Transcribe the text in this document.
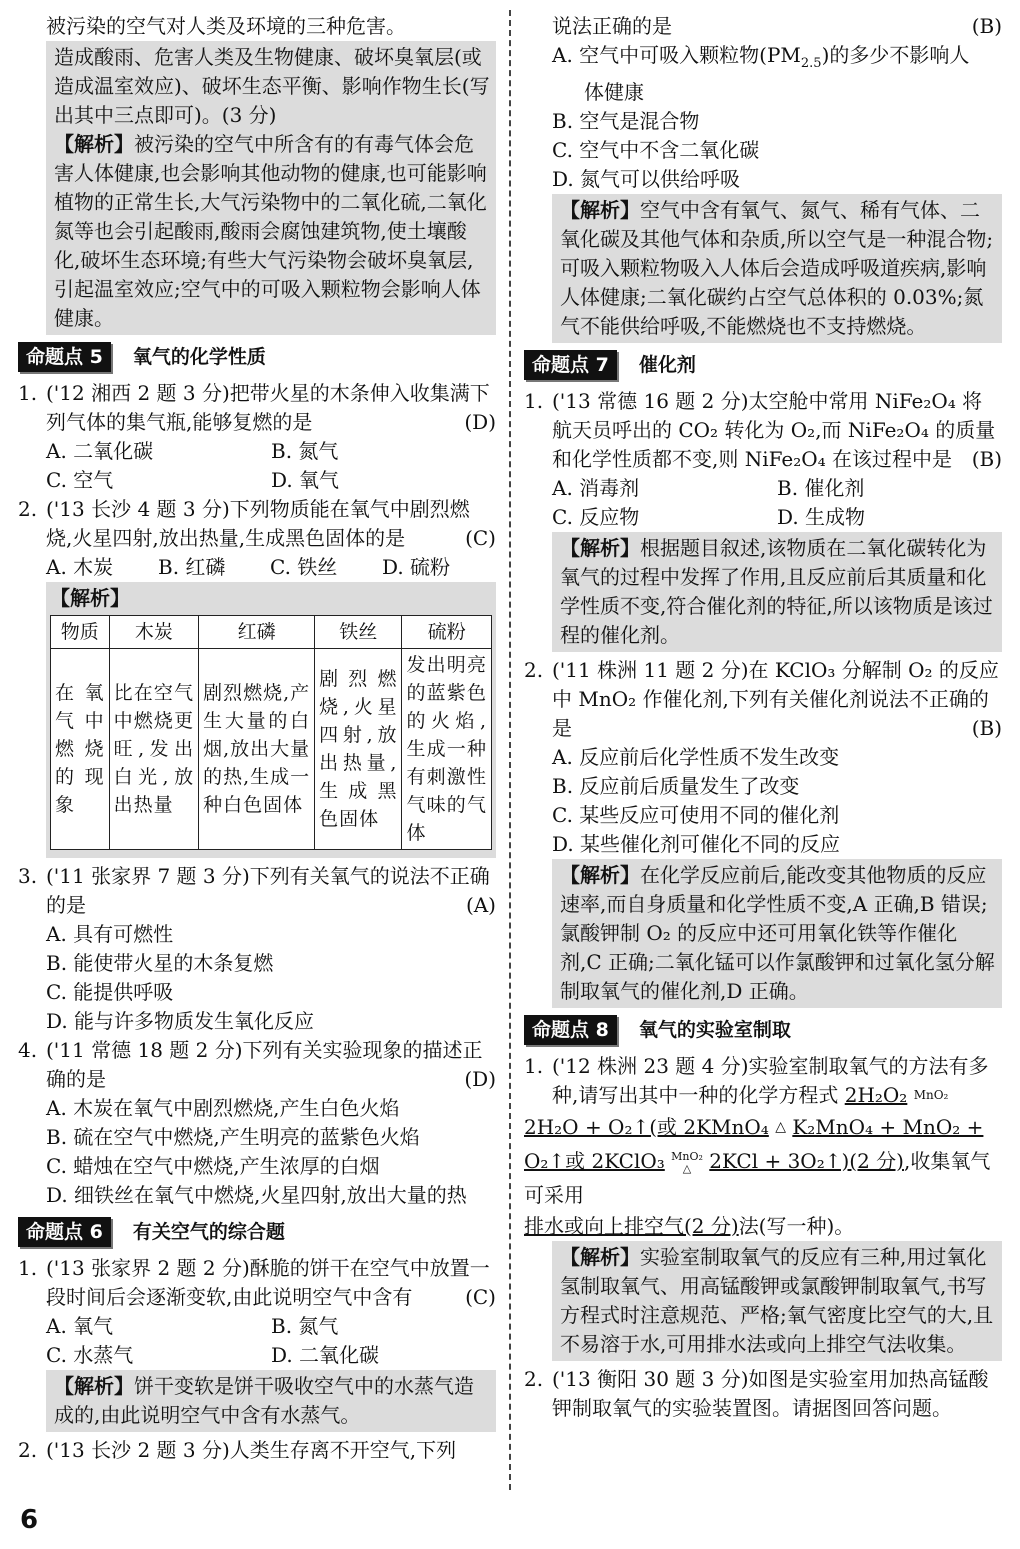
被污染的空气对人类及环境的三种危害。
造成酸雨、危害人类及生物健康、破坏臭氧层(或造成温室效应)、破坏生态平衡、影响作物生长(写出其中三点即可)。(3 分)
【解析】被污染的空气中所含有的有毒气体会危害人体健康,也会影响其他动物的健康,也可能影响植物的正常生长,大气污染物中的二氧化硫,二氧化氮等也会引起酸雨,酸雨会腐蚀建筑物,使土壤酸化,破坏生态环境;有些大气污染物会破坏臭氧层,引起温室效应;空气中的可吸入颗粒物会影响人体健康。
命题点 5	氧气的化学性质
1. ('12 湘西 2 题 3 分)把带火星的木条伸入收集满下列气体的集气瓶,能够复燃的是	(D)
A. 二氧化碳	B. 氮气
C. 空气	D. 氧气
2. ('13 长沙 4 题 3 分)下列物质能在氧气中剧烈燃烧,火星四射,放出热量,生成黑色固体的是	(C)
A. 木炭	B. 红磷	C. 铁丝	D. 硫粉
【解析】
物质	木炭	红磷	铁丝	硫粉
在氧气中燃烧的现象	比在空气中燃烧更旺,发出白光,放出热量	剧烈燃烧,产生大量的白烟,放出大量的热,生成一种白色固体	剧烈燃烧,火星四射,放出热量,生成黑色固体	发出明亮的蓝紫色的火焰,生成一种有刺激性气味的气体
3. ('11 张家界 7 题 3 分)下列有关氧气的说法不正确的是	(A)
A. 具有可燃性
B. 能使带火星的木条复燃
C. 能提供呼吸
D. 能与许多物质发生氧化反应
4. ('11 常德 18 题 2 分)下列有关实验现象的描述正确的是	(D)
A. 木炭在氧气中剧烈燃烧,产生白色火焰
B. 硫在空气中燃烧,产生明亮的蓝紫色火焰
C. 蜡烛在空气中燃烧,产生浓厚的白烟
D. 细铁丝在氧气中燃烧,火星四射,放出大量的热
命题点 6	有关空气的综合题
1. ('13 张家界 2 题 2 分)酥脆的饼干在空气中放置一段时间后会逐渐变软,由此说明空气中含有	(C)
A. 氧气	B. 氮气
C. 水蒸气	D. 二氧化碳
【解析】饼干变软是饼干吸收空气中的水蒸气造成的,由此说明空气中含有水蒸气。
2. ('13 长沙 2 题 3 分)人类生存离不开空气,下列
说法正确的是	(B)
A. 空气中可吸入颗粒物$(PM_{2.5})$的多少不影响人
体健康
B. 空气是混合物
C. 空气中不含二氧化碳
D. 氮气可以供给呼吸
【解析】空气中含有氧气、氮气、稀有气体、二氧化碳及其他气体和杂质,所以空气是一种混合物;可吸入颗粒物吸入人体后会造成呼吸道疾病,影响人体健康;二氧化碳约占空气总体积的 0.03%;氮气不能供给呼吸,不能燃烧也不支持燃烧。
命题点 7	催化剂
1. ('13 常德 16 题 2 分)太空舱中常用 NiFe₂O₄ 将航天员呼出的 CO₂ 转化为 O₂,而 NiFe₂O₄ 的质量和化学性质都不变,则 NiFe₂O₄ 在该过程中是 (B)
A. 消毒剂	B. 催化剂
C. 反应物	D. 生成物
【解析】根据题目叙述,该物质在二氧化碳转化为氧气的过程中发挥了作用,且反应前后其质量和化学性质不变,符合催化剂的特征,所以该物质是该过程的催化剂。
2. ('11 株洲 11 题 2 分)在 KClO₃ 分解制 O₂ 的反应中 MnO₂ 作催化剂,下列有关催化剂说法不正确的是	(B)
A. 反应前后化学性质不发生改变
B. 反应前后质量发生了改变
C. 某些反应可使用不同的催化剂
D. 某些催化剂可催化不同的反应
【解析】在化学反应前后,能改变其他物质的反应速率,而自身质量和化学性质不变,A 正确,B 错误;氯酸钾制 O₂ 的反应中还可用氧化铁等作催化剂,C 正确;二氧化锰可以作氯酸钾和过氧化氢分解制取氧气的催化剂,D 正确。
命题点 8	氧气的实验室制取
1. ('12 株洲 23 题 4 分)实验室制取氧气的方法有多种,请写出其中一种的化学方程式 2H₂O₂ $^{MnO_2}$
2H₂O + O₂↑(或 2KMnO₄ △ K₂MnO₄ + MnO₂ +
O₂↑或 2KClO₃ MnO₂
△ 2KCl + 3O₂↑)(2 分),收集氧气可采用
排水或向上排空气(2 分)法(写一种)。
【解析】实验室制取氧气的反应有三种,用过氧化氢制取氧气、用高锰酸钾或氯酸钾制取氧气,书写方程式时注意规范、严格;氧气密度比空气的大,且不易溶于水,可用排水法或向上排空气法收集。
2. ('13 衡阳 30 题 3 分)如图是实验室用加热高锰酸钾制取氧气的实验装置图。请据图回答问题。
6
